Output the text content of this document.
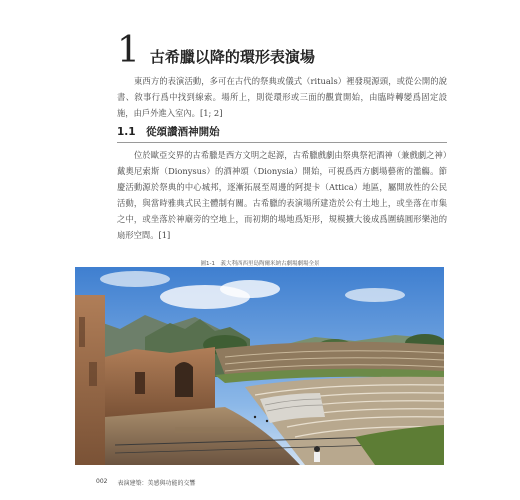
1 古希臘以降的環形表演場

東西方的表演活動，多可在古代的祭典或儀式（rituals）裡發現源頭，或從公開的說書、敘事行爲中找到線索。場所上，則從環形或三面的觀賞開始，由臨時轉變爲固定設施，由戶外進入室內。[1; 2]

1.1　從頌讚酒神開始

位於歐亞交界的古希臘是西方文明之起源，古希臘戲劇由祭典祭祀酒神（兼戲劇之神）戴奧尼索斯（Dionysus）的酒神頌（Dionysia）開始，可視爲西方劇場藝術的濫觴。節慶活動源於祭典的中心城邦，逐漸拓展至周邊的阿提卡（Attica）地區，屬開放性的公民活動，與當時雅典式民主體制有關。古希臘的表演場所建造於公有土地上，或坐落在市集之中，或坐落於神廟旁的空地上，而初期的場地爲矩形，規模擴大後成爲圍繞圓形樂池的扇形空間。[1]

圖1-1　義大利西西里島陶爾米納古劇場劇場全景
002 表演建築：美感與功能的交響
